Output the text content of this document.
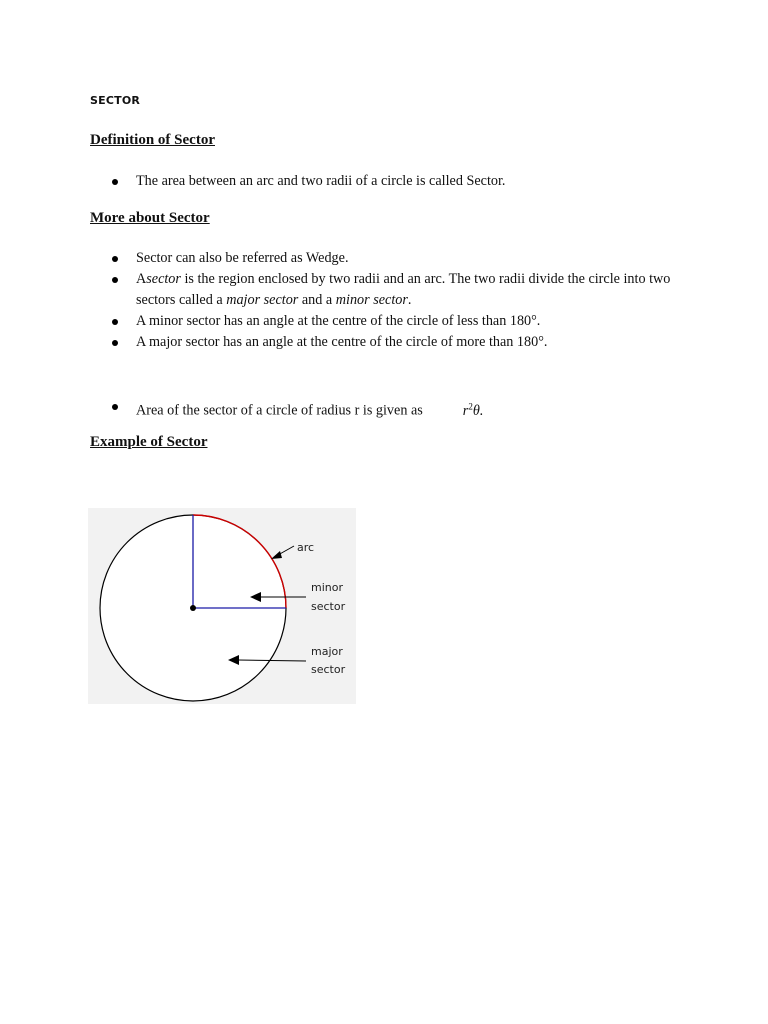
SECTOR
Definition of Sector
The area between an arc and two radii of a circle is called Sector.
More about Sector
Sector can also be referred as Wedge.
Asector is the region enclosed by two radii and an arc. The two radii divide the circle into two sectors called a major sector and a minor sector.
A minor sector has an angle at the centre of the circle of less than 180°.
A major sector has an angle at the centre of the circle of more than 180°.
Area of the sector of a circle of radius r is given as	$r^2\theta$.
Example of Sector
arc
minor
sector
major
sector
